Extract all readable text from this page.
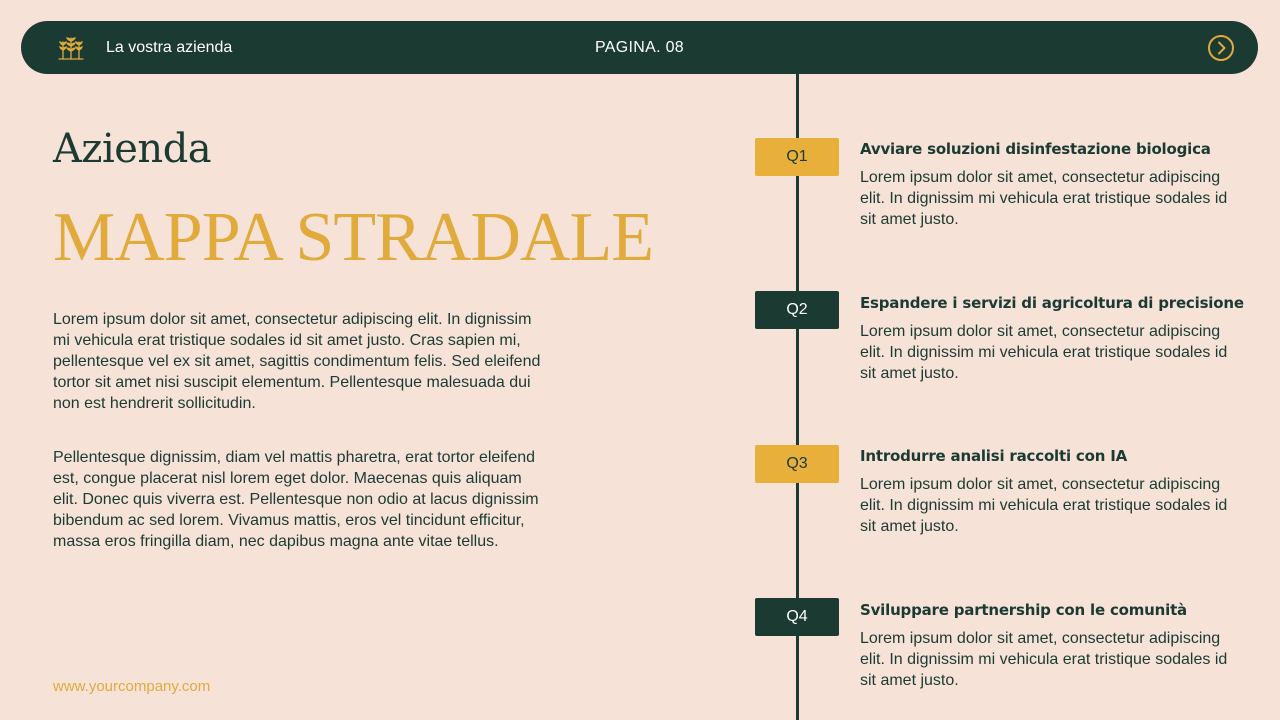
La vostra azienda	PAGINA. 08
Azienda
MAPPA STRADALE
Lorem ipsum dolor sit amet, consectetur adipiscing elit. In dignissim mi vehicula erat tristique sodales id sit amet justo. Cras sapien mi, pellentesque vel ex sit amet, sagittis condimentum felis. Sed eleifend tortor sit amet nisi suscipit elementum. Pellentesque malesuada dui non est hendrerit sollicitudin.
Pellentesque dignissim, diam vel mattis pharetra, erat tortor eleifend est, congue placerat nisl lorem eget dolor. Maecenas quis aliquam elit. Donec quis viverra est. Pellentesque non odio at lacus dignissim bibendum ac sed lorem. Vivamus mattis, eros vel tincidunt efficitur, massa eros fringilla diam, nec dapibus magna ante vitae tellus.
www.yourcompany.com
Q1	Avviare soluzioni disinfestazione biologica
Lorem ipsum dolor sit amet, consectetur adipiscing elit. In dignissim mi vehicula erat tristique sodales id sit amet justo.
Q2	Espandere i servizi di agricoltura di precisione
Lorem ipsum dolor sit amet, consectetur adipiscing elit. In dignissim mi vehicula erat tristique sodales id sit amet justo.
Q3	Introdurre analisi raccolti con IA
Lorem ipsum dolor sit amet, consectetur adipiscing elit. In dignissim mi vehicula erat tristique sodales id sit amet justo.
Q4	Sviluppare partnership con le comunità
Lorem ipsum dolor sit amet, consectetur adipiscing elit. In dignissim mi vehicula erat tristique sodales id sit amet justo.
